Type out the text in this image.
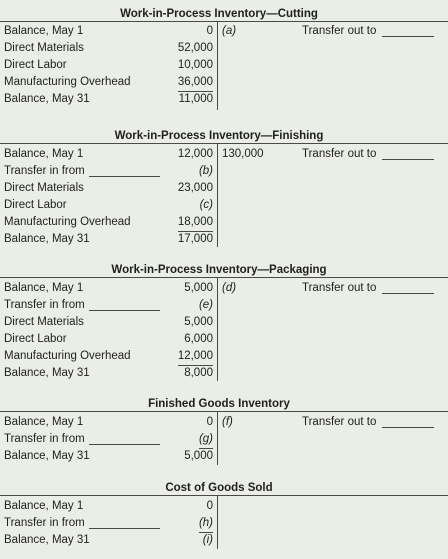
Work-in-Process Inventory—Cutting
Balance, May 1	0 (a)	Transfer out to
Direct Materials	52,000
Direct Labor	10,000
Manufacturing Overhead	36,000
Balance, May 31	11,000
Work-in-Process Inventory—Finishing
Balance, May 1	12,000 130,000	Transfer out to
Transfer in from	(b)
Direct Materials	23,000
Direct Labor	(c)
Manufacturing Overhead	18,000
Balance, May 31	17,000
Work-in-Process Inventory—Packaging
Balance, May 1	5,000 (d)	Transfer out to
Transfer in from	(e)
Direct Materials	5,000
Direct Labor	6,000
Manufacturing Overhead	12,000
Balance, May 31	8,000
Finished Goods Inventory
Balance, May 1	0 (f)	Transfer out to
Transfer in from	(g)
Balance, May 31	5,000
Cost of Goods Sold
Balance, May 1	0
Transfer in from	(h)
Balance, May 31	(i)
